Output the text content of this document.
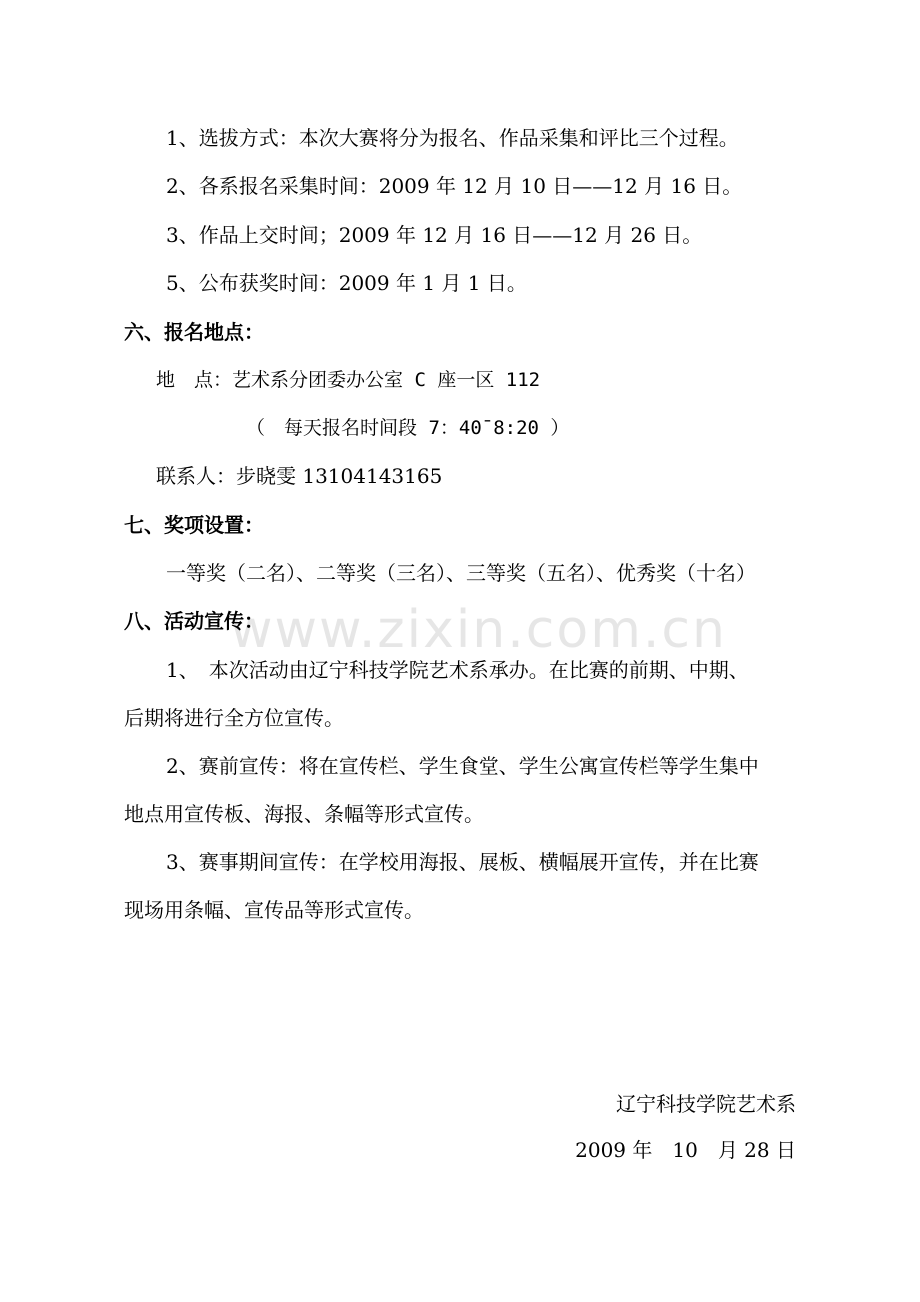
www.zixin.com.cn
1、选拔方式：本次大赛将分为报名、作品采集和评比三个过程。
2、各系报名采集时间：2009 年 12 月 10 日——12 月 16 日。
3、作品上交时间；2009 年 12 月 16 日——12 月 26 日。
5、公布获奖时间：2009 年 1 月 1 日。
六、报名地点：
地　点：艺术系分团委办公室 C 座一区 112
（　每天报名时间段 7：40¯8:20 ）
联系人：步晓雯 13104143165
七、奖项设置：
一等奖（二名）、二等奖（三名）、三等奖（五名）、优秀奖（十名）
八、活动宣传：
1、　本次活动由辽宁科技学院艺术系承办。在比赛的前期、中期、
后期将进行全方位宣传。
2、赛前宣传：将在宣传栏、学生食堂、学生公寓宣传栏等学生集中
地点用宣传板、海报、条幅等形式宣传。
3、赛事期间宣传：在学校用海报、展板、横幅展开宣传，并在比赛
现场用条幅、宣传品等形式宣传。
辽宁科技学院艺术系
2009 年　10　月 28 日
